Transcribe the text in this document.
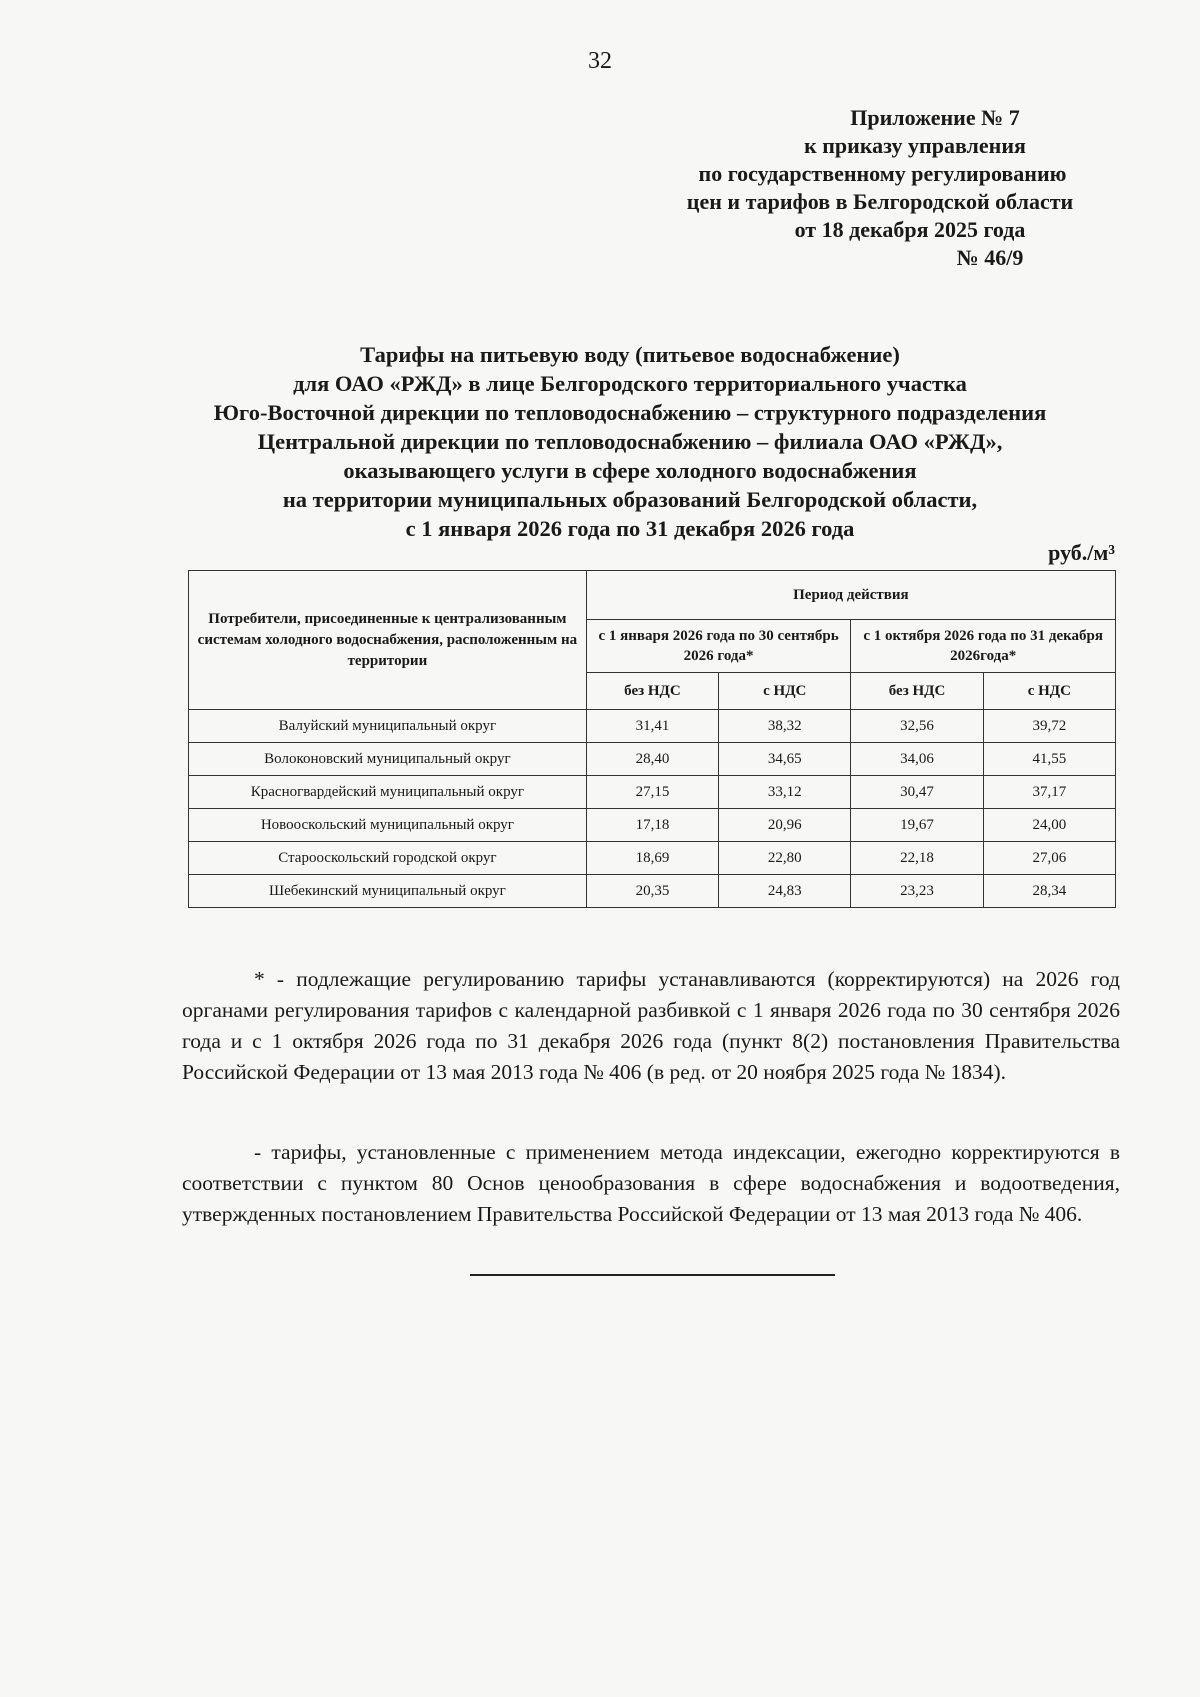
32
Приложение № 7
к приказу управления
по государственному регулированию
цен и тарифов в Белгородской области
от 18 декабря 2025 года
№ 46/9
Тарифы на питьевую воду (питьевое водоснабжение)
для ОАО «РЖД» в лице Белгородского территориального участка
Юго-Восточной дирекции по тепловодоснабжению – структурного подразделения
Центральной дирекции по тепловодоснабжению – филиала ОАО «РЖД»,
оказывающего услуги в сфере холодного водоснабжения
на территории муниципальных образований Белгородской области,
с 1 января 2026 года по 31 декабря 2026 года
руб./м³
Потребители, присоединенные к централизованным системам холодного водоснабжения, расположенным на территории	Период действия			
	с 1 января 2026 года по 30 сентябрь 2026 года*		с 1 октября 2026 года по 31 декабря 2026года*	
	без НДС	с НДС	без НДС	с НДС
Валуйский муниципальный округ	31,41	38,32	32,56	39,72
Волоконовский муниципальный округ	28,40	34,65	34,06	41,55
Красногвардейский муниципальный округ	27,15	33,12	30,47	37,17
Новооскольский муниципальный округ	17,18	20,96	19,67	24,00
Старооскольский городской округ	18,69	22,80	22,18	27,06
Шебекинский муниципальный округ	20,35	24,83	23,23	28,34

* - подлежащие регулированию тарифы устанавливаются (корректируются) на 2026 год органами регулирования тарифов с календарной разбивкой с 1 января 2026 года по 30 сентября 2026 года и с 1 октября 2026 года по 31 декабря 2026 года (пункт 8(2) постановления Правительства Российской Федерации от 13 мая 2013 года № 406 (в ред. от 20 ноября 2025 года № 1834).

- тарифы, установленные с применением метода индексации, ежегодно корректируются в соответствии с пунктом 80 Основ ценообразования в сфере водоснабжения и водоотведения, утвержденных постановлением Правительства Российской Федерации от 13 мая 2013 года № 406.
